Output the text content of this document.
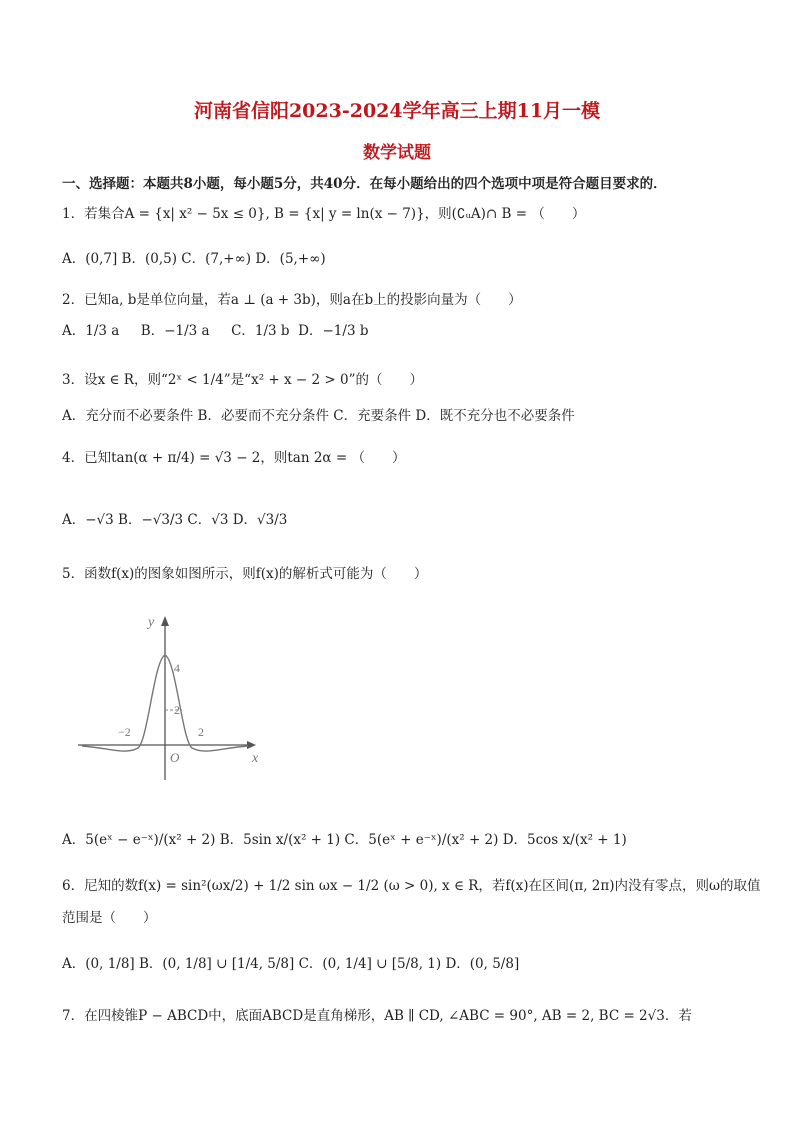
河南省信阳2023-2024学年高三上期11月一模
数学试题
一、选择题：本题共8小题，每小题5分，共40分．在每小题给出的四个选项中项是符合题目要求的．
1．若集合A = {x| x² − 5x ≤ 0}, B = {x| y = ln(x − 7)}，则(∁ᵤA)∩ B = （　　）
A．(0,7] B．(0,5) C．(7,+∞) D．(5,+∞)
2．已知a, b是单位向量，若a ⊥ (a + 3b)，则a在b上的投影向量为（　　）
A．1/3 a B．−1/3 a C．1/3 b D．−1/3 b
3．设x ∈ R，则“2ˣ < 1/4”是“x² + x − 2 > 0”的（　　）
A．充分而不必要条件 B．必要而不充分条件 C．充要条件 D．既不充分也不必要条件
4．已知tan(α + π/4) = √3 − 2，则tan 2α = （　　）
A．−√3 B．−√3/3 C．√3 D．√3/3
5．函数f(x)的图象如图所示，则f(x)的解析式可能为（　　）
y
x
O
4
2
−2	2
A．5(eˣ − e⁻ˣ)/(x² + 2) B．5sin x/(x² + 1) C．5(eˣ + e⁻ˣ)/(x² + 2) D．5cos x/(x² + 1)
6．尼知的数f(x) = sin²(ωx/2) + 1/2 sin ωx − 1/2 (ω > 0), x ∈ R，若f(x)在区间(π, 2π)内没有零点，则ω的取值
范围是（　　）
A．(0, 1/8] B．(0, 1/8] ∪ [1/4, 5/8] C．(0, 1/4] ∪ [5/8, 1) D．(0, 5/8]
7．在四棱锥P − ABCD中，底面ABCD是直角梯形，AB ∥ CD, ∠ABC = 90°, AB = 2, BC = 2√3．若
